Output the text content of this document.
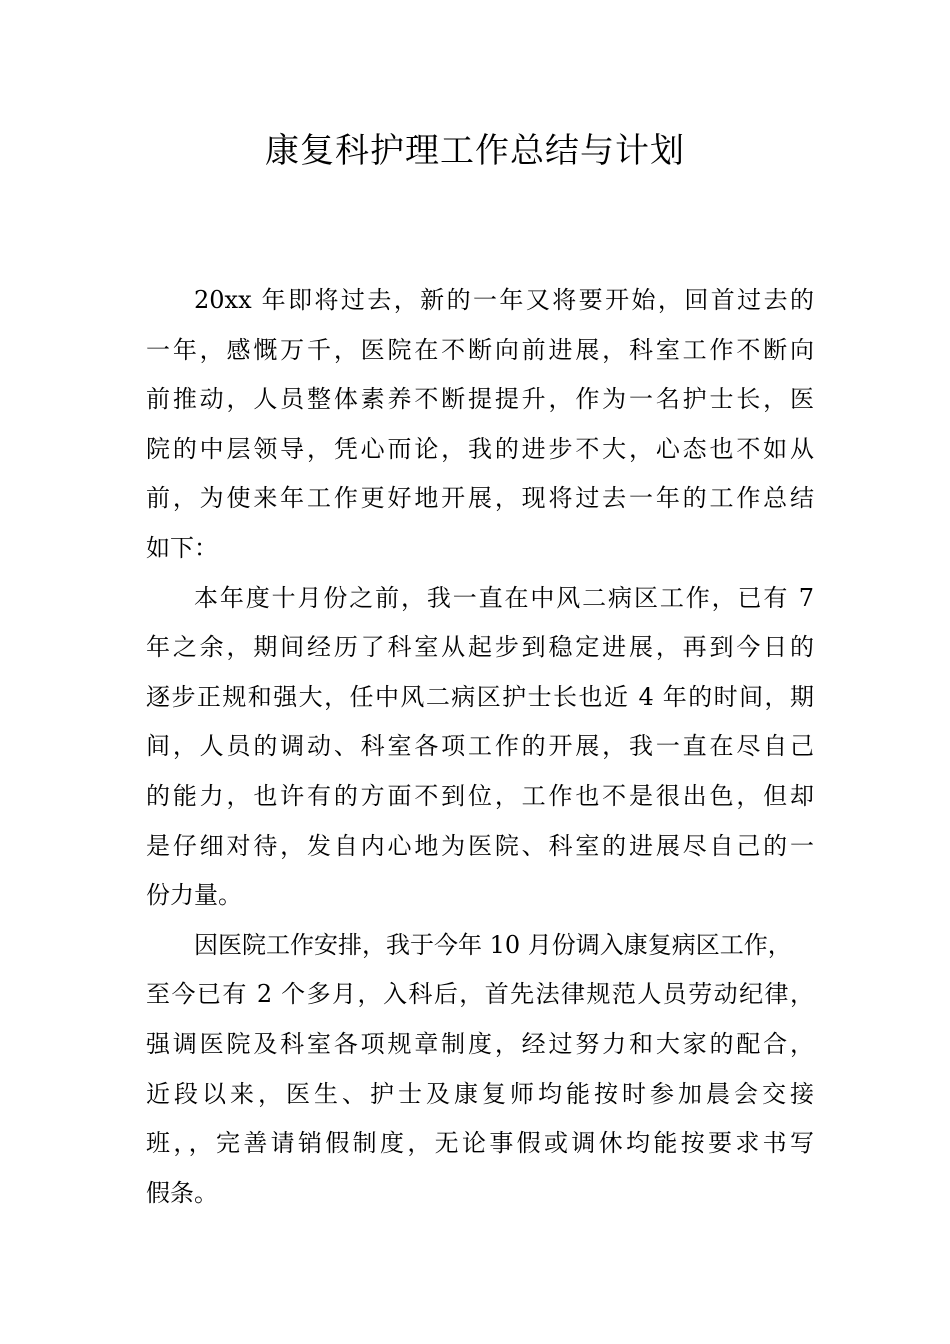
康复科护理工作总结与计划
20xx 年即将过去，新的一年又将要开始，回首过去的
一年，感慨万千，医院在不断向前进展，科室工作不断向
前推动，人员整体素养不断提提升，作为一名护士长，医
院的中层领导，凭心而论，我的进步不大，心态也不如从
前，为使来年工作更好地开展，现将过去一年的工作总结
如下：
本年度十月份之前，我一直在中风二病区工作，已有 7
年之余，期间经历了科室从起步到稳定进展，再到今日的
逐步正规和强大，任中风二病区护士长也近 4 年的时间，期
间，人员的调动、科室各项工作的开展，我一直在尽自己
的能力，也许有的方面不到位，工作也不是很出色，但却
是仔细对待，发自内心地为医院、科室的进展尽自己的一
份力量。
因医院工作安排，我于今年 10 月份调入康复病区工作，
至今已有 2 个多月，入科后，首先法律规范人员劳动纪律，
强调医院及科室各项规章制度，经过努力和大家的配合，
近段以来，医生、护士及康复师均能按时参加晨会交接
班，，完善请销假制度，无论事假或调休均能按要求书写
假条。
